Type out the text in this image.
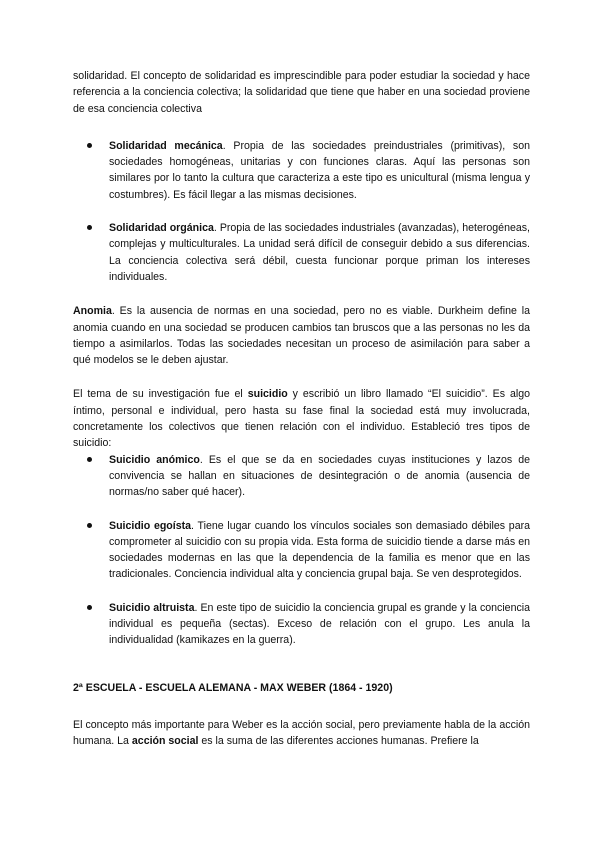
solidaridad. El concepto de solidaridad es imprescindible para poder estudiar la sociedad y hace referencia a la conciencia colectiva; la solidaridad que tiene que haber en una sociedad proviene de esa conciencia colectiva

Solidaridad mecánica. Propia de las sociedades preindustriales (primitivas), son sociedades homogéneas, unitarias y con funciones claras. Aquí las personas son similares por lo tanto la cultura que caracteriza a este tipo es unicultural (misma lengua y costumbres). Es fácil llegar a las mismas decisiones.
Solidaridad orgánica. Propia de las sociedades industriales (avanzadas), heterogéneas, complejas y multiculturales. La unidad será difícil de conseguir debido a sus diferencias. La conciencia colectiva será débil, cuesta funcionar porque priman los intereses individuales.

Anomia. Es la ausencia de normas en una sociedad, pero no es viable. Durkheim define la anomia cuando en una sociedad se producen cambios tan bruscos que a las personas no les da tiempo a asimilarlos. Todas las sociedades necesitan un proceso de asimilación para saber a qué modelos se le deben ajustar.

El tema de su investigación fue el suicidio y escribió un libro llamado “El suicidio”. Es algo íntimo, personal e individual, pero hasta su fase final la sociedad está muy involucrada, concretamente los colectivos que tienen relación con el individuo. Estableció tres tipos de suicidio:

Suicidio anómico. Es el que se da en sociedades cuyas instituciones y lazos de convivencia se hallan en situaciones de desintegración o de anomia (ausencia de normas/no saber qué hacer).
Suicidio egoísta. Tiene lugar cuando los vínculos sociales son demasiado débiles para comprometer al suicidio con su propia vida. Esta forma de suicidio tiende a darse más en sociedades modernas en las que la dependencia de la familia es menor que en las tradicionales. Conciencia individual alta y conciencia grupal baja. Se ven desprotegidos.
Suicidio altruista. En este tipo de suicidio la conciencia grupal es grande y la conciencia individual es pequeña (sectas). Exceso de relación con el grupo. Les anula la individualidad (kamikazes en la guerra).

2ª ESCUELA - ESCUELA ALEMANA - MAX WEBER (1864 - 1920)

El concepto más importante para Weber es la acción social, pero previamente habla de la acción humana. La acción social es la suma de las diferentes acciones humanas. Prefiere la
